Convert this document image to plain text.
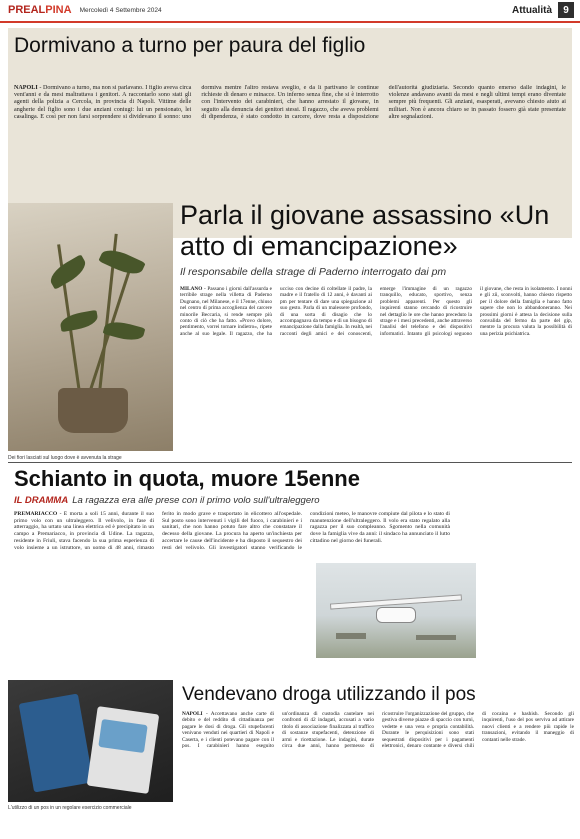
PREALPINA Mercoledì 4 Settembre 2024	Attualità	9
Dormivano a turno per paura del figlio
NAPOLI - Dormivano a turno, ma non si parlavano. I figlio aveva circa vent'anni e da mesi maltrattava i genitori. A raccontarlo sono stati gli agenti della polizia a Cercola, in provincia di Napoli. Vittime delle angherie del figlio sono i due anziani coniugi: lui un pensionato, lei casalinga. E così per non farsi sorprendere si dividevano il sonno: uno dormiva mentre l'altro restava sveglio, e da lì partivano le continue richieste di denaro e minacce. Un inferno senza fine, che si è interrotto con l'intervento dei carabinieri, che hanno arrestato il giovane, in seguito alla denuncia dei genitori stessi. Il ragazzo, che aveva problemi di dipendenza, è stato condotto in carcere, dove resta a disposizione dell'autorità giudiziaria. Secondo quanto emerso dalle indagini, le violenze andavano avanti da mesi e negli ultimi tempi erano diventate sempre più frequenti. Gli anziani, esasperati, avevano chiesto aiuto ai militari. Non è ancora chiaro se in passato fossero già state presentate altre segnalazioni.
Dei fiori lasciati sul luogo dove è avvenuta la strage
Parla il giovane assassino «Un atto di emancipazione»
Il responsabile della strage di Paderno interrogato dai pm
MILANO - Passano i giorni dall'assurda e terribile strage nella villetta di Paderno Dugnano, nel Milanese, e il 17enne, chiuso nel centro di prima accoglienza del carcere minorile Beccaria, si rende sempre più conto di ciò che ha fatto. «Provo dolore, pentimento, vorrei tornare indietro», ripete anche al suo legale. Il ragazzo, che ha ucciso con decine di coltellate il padre, la madre e il fratello di 12 anni, è davanti ai pm per tentare di dare una spiegazione al suo gesto. Parla di un malessere profondo, di una sorta di disagio che lo accompagnava da tempo e di un bisogno di emancipazione dalla famiglia. In realtà, nei racconti degli amici e dei conoscenti, emerge l'immagine di un ragazzo tranquillo, educato, sportivo, senza problemi apparenti. Per questo gli inquirenti stanno cercando di ricostruire nel dettaglio le ore che hanno preceduto la strage e i mesi precedenti, anche attraverso l'analisi del telefono e dei dispositivi informatici. Intanto gli psicologi seguono il giovane, che resta in isolamento. I nonni e gli zii, sconvolti, hanno chiesto rispetto per il dolore della famiglia e hanno fatto sapere che non lo abbandoneranno. Nei prossimi giorni è attesa la decisione sulla convalida del fermo da parte del gip, mentre la procura valuta la possibilità di una perizia psichiatrica.
Schianto in quota, muore 15enne
IL DRAMMA La ragazza era alle prese con il primo volo sull'ultraleggero
PREMARIACCO - È morta a soli 15 anni, durante il suo primo volo con un ultraleggero. Il velivolo, in fase di atterraggio, ha urtato una linea elettrica ed è precipitato in un campo a Premariacco, in provincia di Udine. La ragazza, residente in Friuli, stava facendo la sua prima esperienza di volo insieme a un istruttore, un uomo di 48 anni, rimasto ferito in modo grave e trasportato in elicottero all'ospedale. Sul posto sono intervenuti i vigili del fuoco, i carabinieri e i sanitari, che non hanno potuto fare altro che constatare il decesso della giovane. La procura ha aperto un'inchiesta per accertare le cause dell'incidente e ha disposto il sequestro dei resti del velivolo. Gli investigatori stanno verificando le condizioni meteo, le manovre compiute dal pilota e lo stato di manutenzione dell'ultraleggero. Il volo era stato regalato alla ragazza per il suo compleanno. Sgomento nella comunità dove la famiglia vive da anni: il sindaco ha annunciato il lutto cittadino nel giorno dei funerali.
L'utilizzo di un pos in un regolare esercizio commerciale
Vendevano droga utilizzando il pos
NAPOLI - Accettavano anche carte di debito e del reddito di cittadinanza per pagare le dosi di droga. Gli stupefacenti venivano venduti nei quartieri di Napoli e Caserta, e i clienti potevano pagare con il pos. I carabinieri hanno eseguito un'ordinanza di custodia cautelare nei confronti di 42 indagati, accusati a vario titolo di associazione finalizzata al traffico di sostanze stupefacenti, detenzione di armi e ricettazione. Le indagini, durate circa due anni, hanno permesso di ricostruire l'organizzazione del gruppo, che gestiva diverse piazze di spaccio con turni, vedette e una vera e propria contabilità. Durante le perquisizioni sono stati sequestrati dispositivi per i pagamenti elettronici, denaro contante e diversi chili di cocaina e hashish. Secondo gli inquirenti, l'uso del pos serviva ad attirare nuovi clienti e a rendere più rapide le transazioni, evitando il maneggio di contanti nelle strade.
